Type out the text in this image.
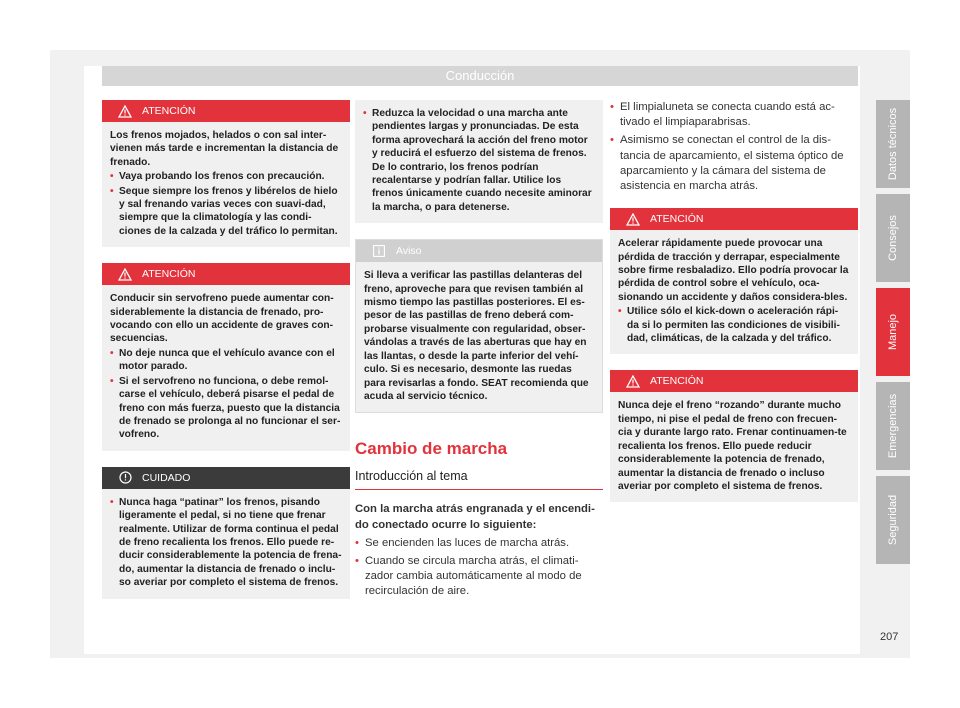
Conducción
ATENCIÓN

Los frenos mojados, helados o con sal inter-vienen más tarde e incrementan la distancia de frenado.

• Vaya probando los frenos con precaución.

• Seque siempre los frenos y libérelos de hielo y sal frenando varias veces con suavi-dad, siempre que la climatología y las condi-ciones de la calzada y del tráfico lo permitan.

ATENCIÓN

Conducir sin servofreno puede aumentar con-siderablemente la distancia de frenado, pro-vocando con ello un accidente de graves con-secuencias.

• No deje nunca que el vehículo avance con el motor parado.

• Si el servofreno no funciona, o debe remol-carse el vehículo, deberá pisarse el pedal de freno con más fuerza, puesto que la distancia de frenado se prolonga al no funcionar el ser-vofreno.

CUIDADO

• Nunca haga “patinar” los frenos, pisando ligeramente el pedal, si no tiene que frenar realmente. Utilizar de forma continua el pedal de freno recalienta los frenos. Ello puede re-ducir considerablemente la potencia de frena-do, aumentar la distancia de frenado o inclu-so averiar por completo el sistema de frenos.

• Reduzca la velocidad o una marcha ante pendientes largas y pronunciadas. De esta forma aprovechará la acción del freno motor y reducirá el esfuerzo del sistema de frenos. De lo contrario, los frenos podrían recalentarse y podrían fallar. Utilice los frenos únicamente cuando necesite aminorar la marcha, o para detenerse.

Aviso

Si lleva a verificar las pastillas delanteras del freno, aproveche para que revisen también al mismo tiempo las pastillas posteriores. El es-pesor de las pastillas de freno deberá com-probarse visualmente con regularidad, obser-vándolas a través de las aberturas que hay en las llantas, o desde la parte inferior del vehí-culo. Si es necesario, desmonte las ruedas para revisarlas a fondo. SEAT recomienda que acuda al servicio técnico.

Cambio de marcha
Introducción al tema

Con la marcha atrás engranada y el encendi-do conectado ocurre lo siguiente:

• Se encienden las luces de marcha atrás.

• Cuando se circula marcha atrás, el climati-zador cambia automáticamente al modo de recirculación de aire.

• El limpialuneta se conecta cuando está ac-tivado el limpiaparabrisas.

• Asimismo se conectan el control de la dis-tancia de aparcamiento, el sistema óptico de aparcamiento y la cámara del sistema de asistencia en marcha atrás.

ATENCIÓN

Acelerar rápidamente puede provocar una pérdida de tracción y derrapar, especialmente sobre firme resbaladizo. Ello podría provocar la pérdida de control sobre el vehículo, oca-sionando un accidente y daños considera-bles.

• Utilice sólo el kick-down o aceleración rápi-da si lo permiten las condiciones de visibili-dad, climáticas, de la calzada y del tráfico.

ATENCIÓN

Nunca deje el freno “rozando” durante mucho tiempo, ni pise el pedal de freno con frecuen-cia y durante largo rato. Frenar continuamen-te recalienta los frenos. Ello puede reducir considerablemente la potencia de frenado, aumentar la distancia de frenado o incluso averiar por completo el sistema de frenos.

Datos técnicos
Consejos
Manejo
Emergencias
Seguridad
207
